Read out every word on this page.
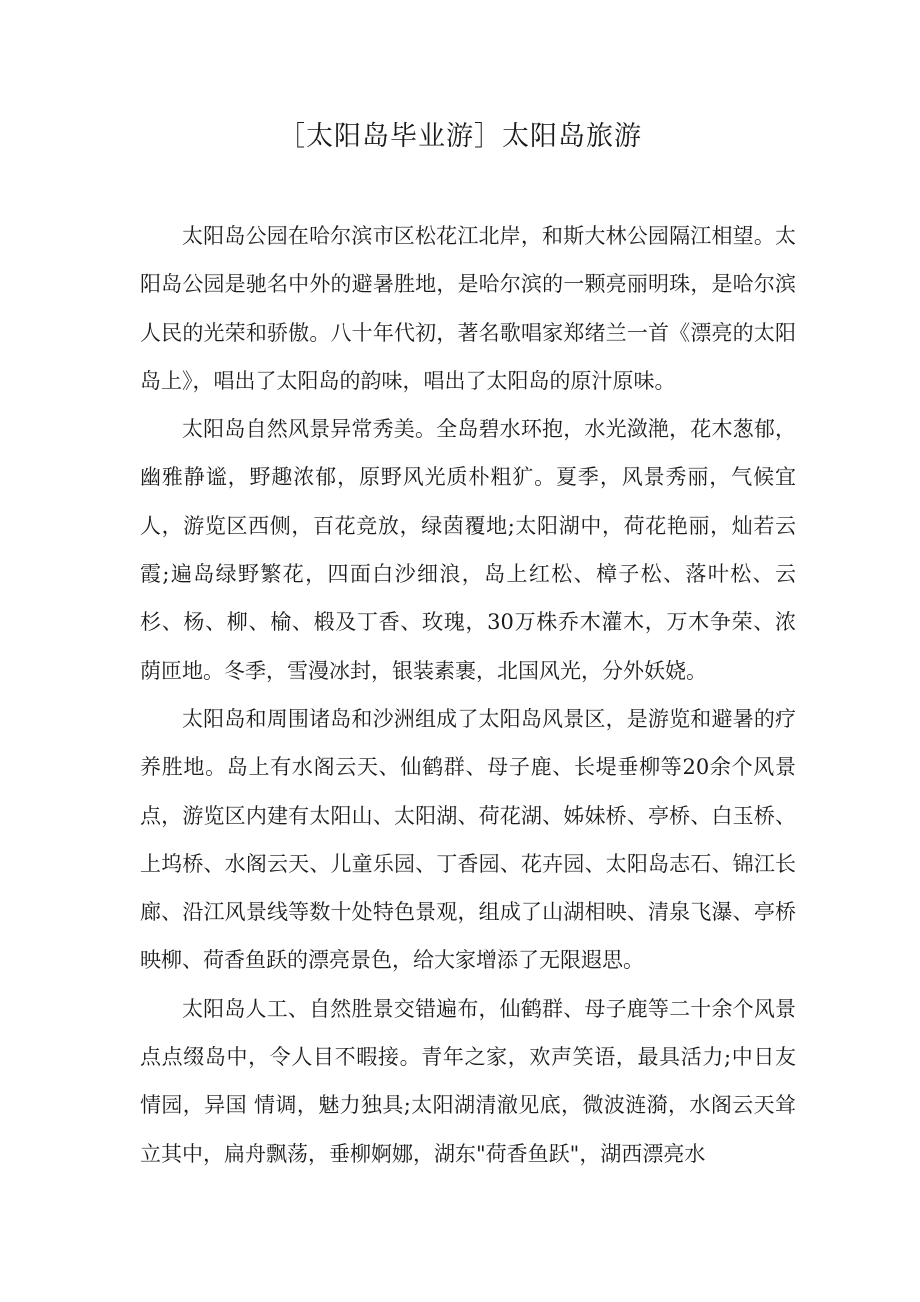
［太阳岛毕业游］太阳岛旅游

太阳岛公园在哈尔滨市区松花江北岸，和斯大林公园隔江相望。太阳岛公园是驰名中外的避暑胜地，是哈尔滨的一颗亮丽明珠，是哈尔滨人民的光荣和骄傲。八十年代初，著名歌唱家郑绪兰一首《漂亮的太阳岛上》，唱出了太阳岛的韵味，唱出了太阳岛的原汁原味。

太阳岛自然风景异常秀美。全岛碧水环抱，水光潋滟，花木葱郁，幽雅静谧，野趣浓郁，原野风光质朴粗犷。夏季，风景秀丽，气候宜人，游览区西侧，百花竞放，绿茵覆地;太阳湖中，荷花艳丽，灿若云霞;遍岛绿野繁花，四面白沙细浪，岛上红松、樟子松、落叶松、云杉、杨、柳、榆、椴及丁香、玫瑰，30万株乔木灌木，万木争荣、浓荫匝地。冬季，雪漫冰封，银装素裹，北国风光，分外妖娆。

太阳岛和周围诸岛和沙洲组成了太阳岛风景区，是游览和避暑的疗养胜地。岛上有水阁云天、仙鹤群、母子鹿、长堤垂柳等20余个风景点，游览区内建有太阳山、太阳湖、荷花湖、姊妹桥、亭桥、白玉桥、上坞桥、水阁云天、儿童乐园、丁香园、花卉园、太阳岛志石、锦江长廊、沿江风景线等数十处特色景观，组成了山湖相映、清泉飞瀑、亭桥映柳、荷香鱼跃的漂亮景色，给大家增添了无限遐思。

太阳岛人工、自然胜景交错遍布，仙鹤群、母子鹿等二十余个风景点点缀岛中，令人目不暇接。青年之家，欢声笑语，最具活力;中日友情园，异国 情调，魅力独具;太阳湖清澈见底，微波涟漪，水阁云天耸立其中，扁舟飘荡，垂柳婀娜，湖东"荷香鱼跃"，湖西漂亮水
